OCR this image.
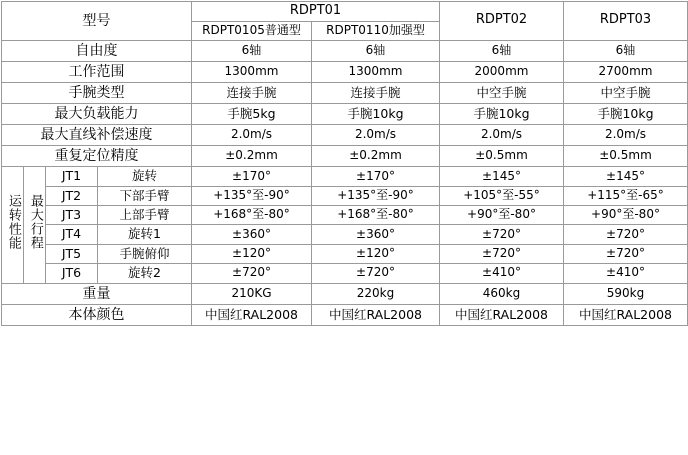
型号				RDPT01		RDPT02	RDPT03
				RDPT0105普通型	RDPT0110加强型		
自由度				6轴	6轴	6轴	6轴
工作范围				1300mm	1300mm	2000mm	2700mm
手腕类型				连接手腕	连接手腕	中空手腕	中空手腕
最大负载能力				手腕5kg	手腕10kg	手腕10kg	手腕10kg
最大直线补偿速度				2.0m/s	2.0m/s	2.0m/s	2.0m/s
重复定位精度				±0.2mm	±0.2mm	±0.5mm	±0.5mm
运转性能	最大行程	JT1	旋转	±170°	±170°	±145°	±145°
		JT2	下部手臂	+135°至-90°	+135°至-90°	+105°至-55°	+115°至-65°
		JT3	上部手臂	+168°至-80°	+168°至-80°	+90°至-80°	+90°至-80°
		JT4	旋转1	±360°	±360°	±720°	±720°
		JT5	手腕俯仰	±120°	±120°	±720°	±720°
		JT6	旋转2	±720°	±720°	±410°	±410°
重量				210KG	220kg	460kg	590kg
本体颜色				中国红RAL2008	中国红RAL2008	中国红RAL2008	中国红RAL2008
